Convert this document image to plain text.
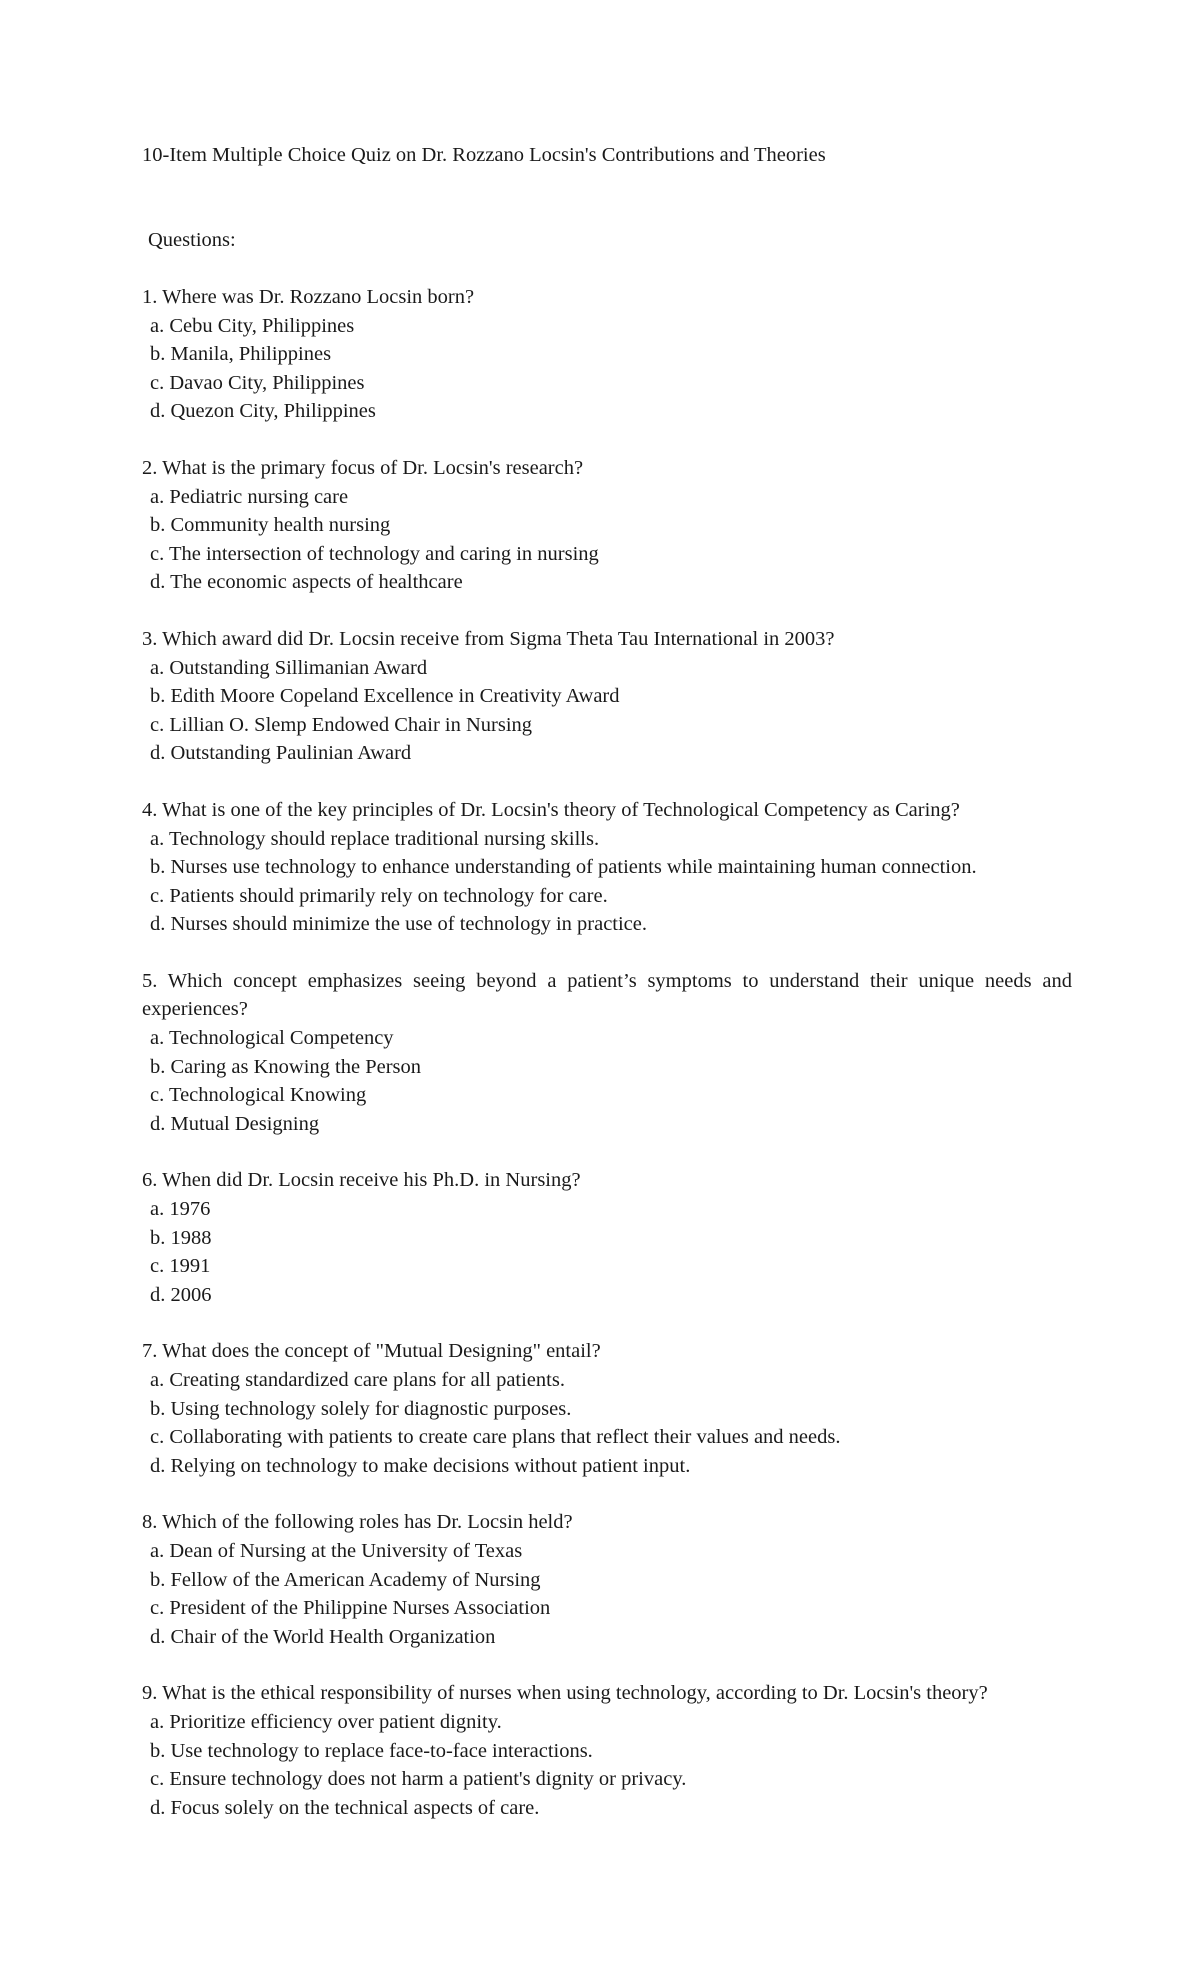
10-Item Multiple Choice Quiz on Dr. Rozzano Locsin's Contributions and Theories
Questions:
1. Where was Dr. Rozzano Locsin born?
a. Cebu City, Philippines
b. Manila, Philippines
c. Davao City, Philippines
d. Quezon City, Philippines
2. What is the primary focus of Dr. Locsin's research?
a. Pediatric nursing care
b. Community health nursing
c. The intersection of technology and caring in nursing
d. The economic aspects of healthcare
3. Which award did Dr. Locsin receive from Sigma Theta Tau International in 2003?
a. Outstanding Sillimanian Award
b. Edith Moore Copeland Excellence in Creativity Award
c. Lillian O. Slemp Endowed Chair in Nursing
d. Outstanding Paulinian Award
4. What is one of the key principles of Dr. Locsin's theory of Technological Competency as Caring?
a. Technology should replace traditional nursing skills.
b. Nurses use technology to enhance understanding of patients while maintaining human connection.
c. Patients should primarily rely on technology for care.
d. Nurses should minimize the use of technology in practice.
5. Which concept emphasizes seeing beyond a patient’s symptoms to understand their unique needs and experiences?
a. Technological Competency
b. Caring as Knowing the Person
c. Technological Knowing
d. Mutual Designing
6. When did Dr. Locsin receive his Ph.D. in Nursing?
a. 1976
b. 1988
c. 1991
d. 2006
7. What does the concept of "Mutual Designing" entail?
a. Creating standardized care plans for all patients.
b. Using technology solely for diagnostic purposes.
c. Collaborating with patients to create care plans that reflect their values and needs.
d. Relying on technology to make decisions without patient input.
8. Which of the following roles has Dr. Locsin held?
a. Dean of Nursing at the University of Texas
b. Fellow of the American Academy of Nursing
c. President of the Philippine Nurses Association
d. Chair of the World Health Organization
9. What is the ethical responsibility of nurses when using technology, according to Dr. Locsin's theory?
a. Prioritize efficiency over patient dignity.
b. Use technology to replace face-to-face interactions.
c. Ensure technology does not harm a patient's dignity or privacy.
d. Focus solely on the technical aspects of care.
